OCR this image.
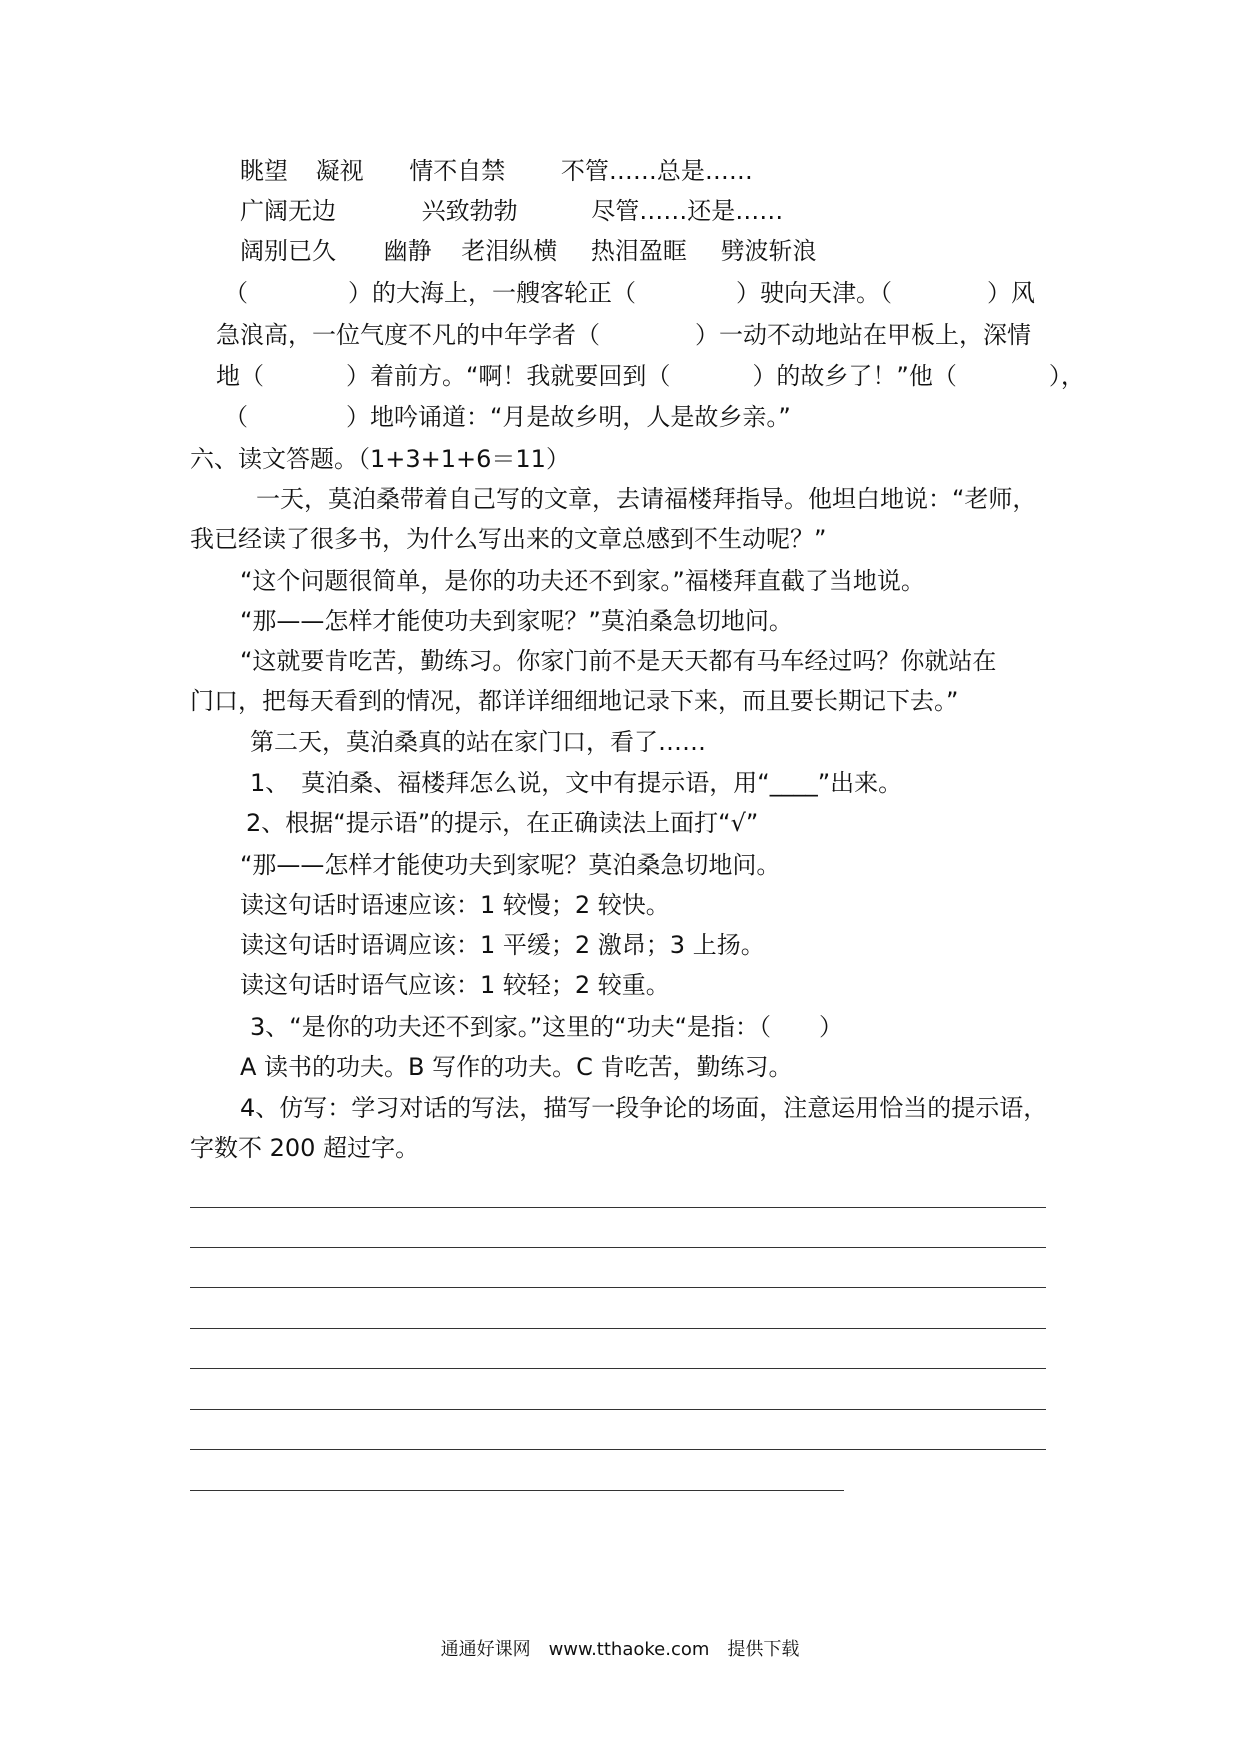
眺望 凝视 情不自禁 不管……总是……
广阔无边	兴致勃勃	尽管……还是……
阔别已久 幽静 老泪纵横 热泪盈眶 劈波斩浪
（	）的大海上，一艘客轮正（	）驶向天津。（	）风
急浪高，一位气度不凡的中年学者（	）一动不动地站在甲板上，深情
地（	）着前方。“啊！我就要回到（	）的故乡了！”他（	），
（	）地吟诵道：“月是故乡明，人是故乡亲。”
六、读文答题。（1+3+1+6＝11）
一天，莫泊桑带着自己写的文章，去请福楼拜指导。他坦白地说：“老师，
我已经读了很多书，为什么写出来的文章总感到不生动呢？”
“这个问题很简单，是你的功夫还不到家。”福楼拜直截了当地说。
“那——怎样才能使功夫到家呢？”莫泊桑急切地问。
“这就要肯吃苦，勤练习。你家门前不是天天都有马车经过吗？你就站在
门口，把每天看到的情况，都详详细细地记录下来，而且要长期记下去。”
第二天，莫泊桑真的站在家门口，看了……
1、　莫泊桑、福楼拜怎么说，文中有提示语，用“____”出来。
2、根据“提示语”的提示，在正确读法上面打“√”
“那——怎样才能使功夫到家呢？莫泊桑急切地问。
读这句话时语速应该：1 较慢；2 较快。
读这句话时语调应该：1 平缓；2 激昂；3 上扬。
读这句话时语气应该：1 较轻；2 较重。
3、“是你的功夫还不到家。”这里的“功夫“是指：（　　）
A 读书的功夫。B 写作的功夫。C 肯吃苦，勤练习。
4、仿写：学习对话的写法，描写一段争论的场面，注意运用恰当的提示语，
字数不 200 超过字。
通通好课网　www.tthaoke.com　提供下载
